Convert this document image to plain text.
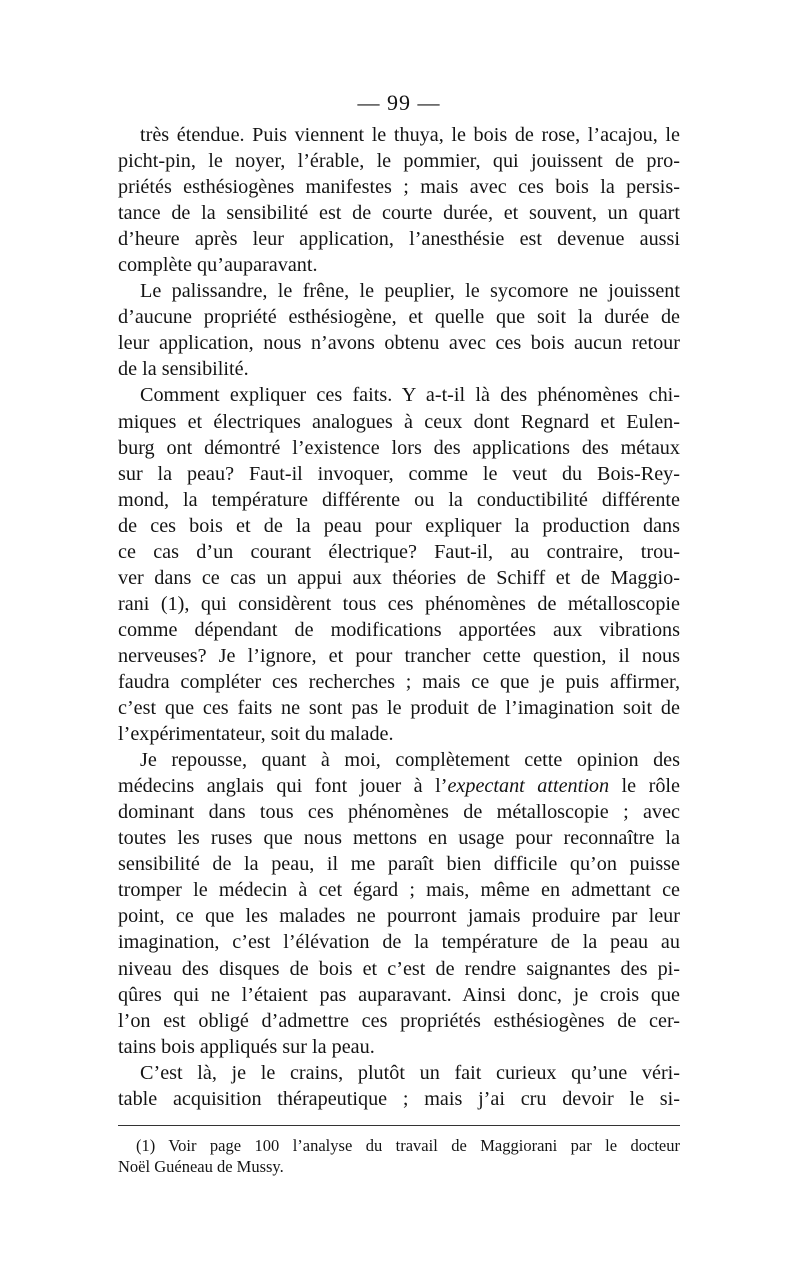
— 99 —

très étendue. Puis viennent le thuya, le bois de rose, l’acajou, le
picht-pin, le noyer, l’érable, le pommier, qui jouissent de pro-
priétés esthésiogènes manifestes ; mais avec ces bois la persis-
tance de la sensibilité est de courte durée, et souvent, un quart
d’heure après leur application, l’anesthésie est devenue aussi
complète qu’auparavant.

Le palissandre, le frêne, le peuplier, le sycomore ne jouissent
d’aucune propriété esthésiogène, et quelle que soit la durée de
leur application, nous n’avons obtenu avec ces bois aucun retour
de la sensibilité.

Comment expliquer ces faits. Y a-t-il là des phénomènes chi-
miques et électriques analogues à ceux dont Regnard et Eulen-
burg ont démontré l’existence lors des applications des métaux
sur la peau? Faut-il invoquer, comme le veut du Bois-Rey-
mond, la température différente ou la conductibilité différente
de ces bois et de la peau pour expliquer la production dans
ce cas d’un courant électrique? Faut-il, au contraire, trou-
ver dans ce cas un appui aux théories de Schiff et de Maggio-
rani (1), qui considèrent tous ces phénomènes de métalloscopie
comme dépendant de modifications apportées aux vibrations
nerveuses? Je l’ignore, et pour trancher cette question, il nous
faudra compléter ces recherches ; mais ce que je puis affirmer,
c’est que ces faits ne sont pas le produit de l’imagination soit de
l’expérimentateur, soit du malade.

Je repousse, quant à moi, complètement cette opinion des
médecins anglais qui font jouer à l’expectant attention le rôle
dominant dans tous ces phénomènes de métalloscopie ; avec
toutes les ruses que nous mettons en usage pour reconnaître la
sensibilité de la peau, il me paraît bien difficile qu’on puisse
tromper le médecin à cet égard ; mais, même en admettant ce
point, ce que les malades ne pourront jamais produire par leur
imagination, c’est l’élévation de la température de la peau au
niveau des disques de bois et c’est de rendre saignantes des pi-
qûres qui ne l’étaient pas auparavant. Ainsi donc, je crois que
l’on est obligé d’admettre ces propriétés esthésiogènes de cer-
tains bois appliqués sur la peau.

C’est là, je le crains, plutôt un fait curieux qu’une véri-
table acquisition thérapeutique ; mais j’ai cru devoir le si-

(1) Voir page 100 l’analyse du travail de Maggiorani par le docteur
Noël Guéneau de Mussy.
